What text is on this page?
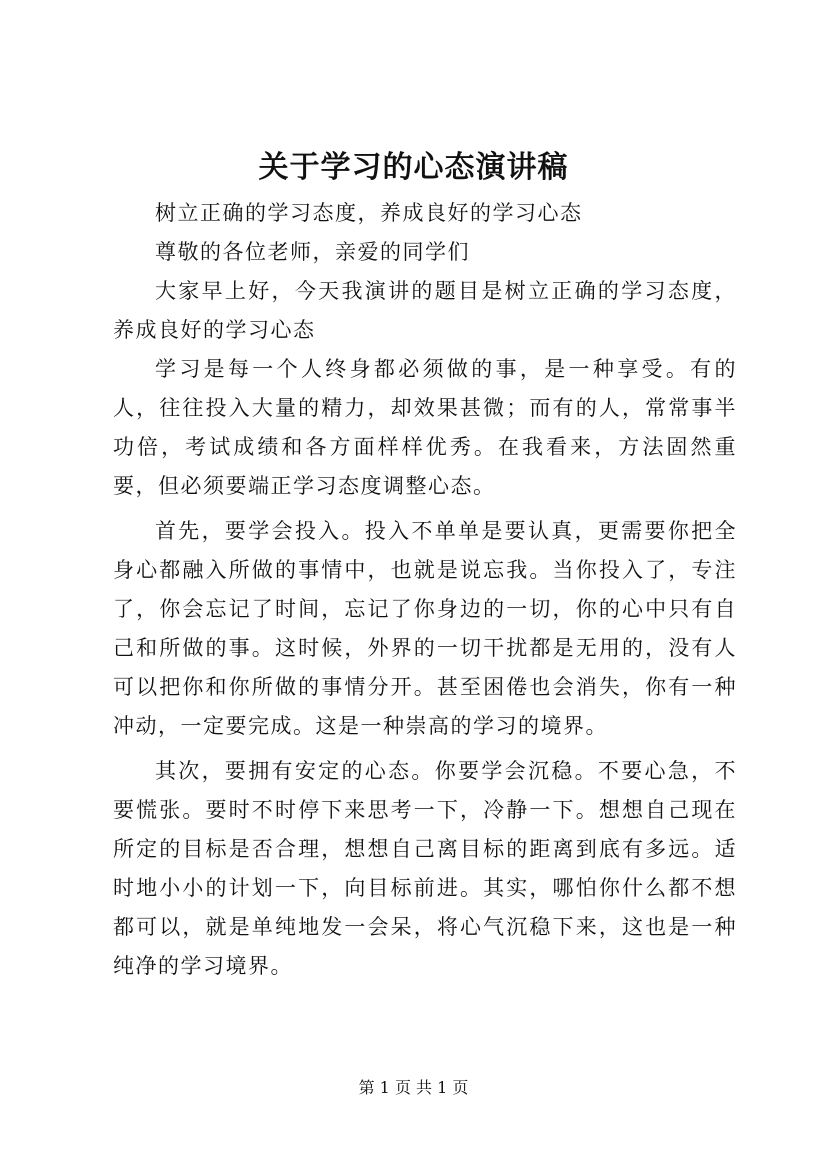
关于学习的心态演讲稿

树立正确的学习态度，养成良好的学习心态

尊敬的各位老师，亲爱的同学们

大家早上好，今天我演讲的题目是树立正确的学习态度，养成良好的学习心态

学习是每一个人终身都必须做的事，是一种享受。有的人，往往投入大量的精力，却效果甚微；而有的人，常常事半功倍，考试成绩和各方面样样优秀。在我看来，方法固然重要，但必须要端正学习态度调整心态。

首先，要学会投入。投入不单单是要认真，更需要你把全身心都融入所做的事情中，也就是说忘我。当你投入了，专注了，你会忘记了时间，忘记了你身边的一切，你的心中只有自己和所做的事。这时候，外界的一切干扰都是无用的，没有人可以把你和你所做的事情分开。甚至困倦也会消失，你有一种冲动，一定要完成。这是一种崇高的学习的境界。

其次，要拥有安定的心态。你要学会沉稳。不要心急，不要慌张。要时不时停下来思考一下，冷静一下。想想自己现在所定的目标是否合理，想想自己离目标的距离到底有多远。适时地小小的计划一下，向目标前进。其实，哪怕你什么都不想都可以，就是单纯地发一会呆，将心气沉稳下来，这也是一种纯净的学习境界。

第 1 页 共 1 页
